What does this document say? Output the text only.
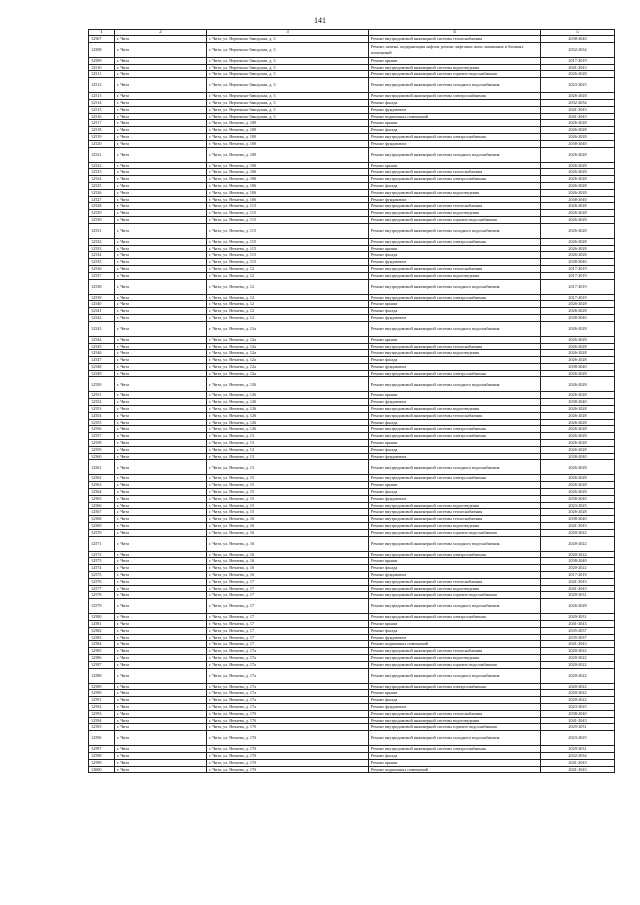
141
1	2	3	4	5
12507	г. Чита	г. Чита, ул. Нерченско-Заводская, д. 3	Ремонт внутридомовой инженерной системы теплоснабжения	2038-2040
12508	г. Чита	г. Чита, ул. Нерченско-Заводская, д. 3	Ремонт, замена, модернизация лифтов, ремонт лифтовых шахт, машинных и блочных помещений	2032-2034
12509	г. Чита	г. Чита, ул. Нерченско-Заводская, д. 3	Ремонт крыши	2017-2019
12510	г. Чита	г. Чита, ул. Нерченско-Заводская, д. 3	Ремонт внутридомовой инженерной системы водоотведения	2041-2043
12511	г. Чита	г. Чита, ул. Нерченско-Заводская, д. 3	Ремонт внутридомовой инженерной системы горячего водоснабжения	2026-2028
12512	г. Чита	г. Чита, ул. Нерченско-Заводская, д. 3	Ремонт внутридомовой инженерной системы холодного водоснабжения	2023-2025
12513	г. Чита	г. Чита, ул. Нерченско-Заводская, д. 3	Ремонт внутридомовой инженерной системы электроснабжения	2026-2028
12514	г. Чита	г. Чита, ул. Нерченско-Заводская, д. 3	Ремонт фасада	2032-2034
12515	г. Чита	г. Чита, ул. Нерченско-Заводская, д. 3	Ремонт фундамента	2041-2043
12516	г. Чита	г. Чита, ул. Нерченско-Заводская, д. 3	Ремонт подвальных помещений	2041-2043
12517	г. Чита	г. Чита, ул. Нечаева, д. 100	Ремонт крыши	2026-2028
12518	г. Чита	г. Чита, ул. Нечаева, д. 100	Ремонт фасада	2026-2028
12519	г. Чита	г. Чита, ул. Нечаева, д. 100	Ремонт внутридомовой инженерной системы электроснабжения	2026-2028
12520	г. Чита	г. Чита, ул. Нечаева, д. 100	Ремонт фундамента	2038-2040
12521	г. Чита	г. Чита, ул. Нечаева, д. 100	Ремонт внутридомовой инженерной системы холодного водоснабжения	2026-2028
12522	г. Чита	г. Чита, ул. Нечаева, д. 106	Ремонт крыши	2026-2028
12523	г. Чита	г. Чита, ул. Нечаева, д. 106	Ремонт внутридомовой инженерной системы теплоснабжения	2026-2028
12524	г. Чита	г. Чита, ул. Нечаева, д. 106	Ремонт внутридомовой инженерной системы электроснабжения	2026-2028
12525	г. Чита	г. Чита, ул. Нечаева, д. 106	Ремонт фасада	2026-2028
12526	г. Чита	г. Чита, ул. Нечаева, д. 106	Ремонт внутридомовой инженерной системы водоотведения	2026-2028
12527	г. Чита	г. Чита, ул. Нечаева, д. 106	Ремонт фундамента	2038-2040
12528	г. Чита	г. Чита, ул. Нечаева, д. 115	Ремонт внутридомовой инженерной системы теплоснабжения	2026-2028
12529	г. Чита	г. Чита, ул. Нечаева, д. 115	Ремонт внутридомовой инженерной системы водоотведения	2026-2028
12530	г. Чита	г. Чита, ул. Нечаева, д. 115	Ремонт внутридомовой инженерной системы горячего водоснабжения	2026-2028
12531	г. Чита	г. Чита, ул. Нечаева, д. 115	Ремонт внутридомовой инженерной системы холодного водоснабжения	2026-2028
12532	г. Чита	г. Чита, ул. Нечаева, д. 115	Ремонт внутридомовой инженерной системы электроснабжения	2026-2028
12533	г. Чита	г. Чита, ул. Нечаева, д. 115	Ремонт крыши	2026-2028
12534	г. Чита	г. Чита, ул. Нечаева, д. 115	Ремонт фасада	2026-2028
12535	г. Чита	г. Чита, ул. Нечаева, д. 115	Ремонт фундамента	2038-2040
12536	г. Чита	г. Чита, ул. Нечаева, д. 12	Ремонт внутридомовой инженерной системы теплоснабжения	2017-2019
12537	г. Чита	г. Чита, ул. Нечаева, д. 12	Ремонт внутридомовой инженерной системы водоотведения	2017-2019
12538	г. Чита	г. Чита, ул. Нечаева, д. 12	Ремонт внутридомовой инженерной системы холодного водоснабжения	2017-2019
12539	г. Чита	г. Чита, ул. Нечаева, д. 12	Ремонт внутридомовой инженерной системы электроснабжения	2017-2019
12540	г. Чита	г. Чита, ул. Нечаева, д. 12	Ремонт крыши	2026-2028
12541	г. Чита	г. Чита, ул. Нечаева, д. 12	Ремонт фасада	2026-2028
12542	г. Чита	г. Чита, ул. Нечаева, д. 12	Ремонт фундамента	2038-2040
12543	г. Чита	г. Чита, ул. Нечаева, д. 12а	Ремонт внутридомовой инженерной системы холодного водоснабжения	2026-2028
12544	г. Чита	г. Чита, ул. Нечаева, д. 12а	Ремонт крыши	2026-2028
12545	г. Чита	г. Чита, ул. Нечаева, д. 12а	Ремонт внутридомовой инженерной системы теплоснабжения	2026-2028
12546	г. Чита	г. Чита, ул. Нечаева, д. 12а	Ремонт внутридомовой инженерной системы водоотведения	2026-2028
12547	г. Чита	г. Чита, ул. Нечаева, д. 12а	Ремонт фасада	2026-2028
12548	г. Чита	г. Чита, ул. Нечаева, д. 12а	Ремонт фундамента	2038-2040
12549	г. Чита	г. Чита, ул. Нечаева, д. 12а	Ремонт внутридомовой инженерной системы электроснабжения	2026-2028
12550	г. Чита	г. Чита, ул. Нечаева, д. 126	Ремонт внутридомовой инженерной системы холодного водоснабжения	2026-2028
12551	г. Чита	г. Чита, ул. Нечаева, д. 126	Ремонт крыши	2026-2028
12552	г. Чита	г. Чита, ул. Нечаева, д. 126	Ремонт фундамента	2038-2040
12553	г. Чита	г. Чита, ул. Нечаева, д. 126	Ремонт внутридомовой инженерной системы водоотведения	2026-2028
12554	г. Чита	г. Чита, ул. Нечаева, д. 126	Ремонт внутридомовой инженерной системы теплоснабжения	2026-2028
12555	г. Чита	г. Чита, ул. Нечаева, д. 126	Ремонт фасада	2026-2028
12556	г. Чита	г. Чита, ул. Нечаева, д. 126	Ремонт внутридомовой инженерной системы электроснабжения	2026-2028
12557	г. Чита	г. Чита, ул. Нечаева, д. 13	Ремонт внутридомовой инженерной системы электроснабжения	2026-2028
12558	г. Чита	г. Чита, ул. Нечаева, д. 13	Ремонт крыши	2026-2028
12559	г. Чита	г. Чита, ул. Нечаева, д. 13	Ремонт фасада	2026-2028
12560	г. Чита	г. Чита, ул. Нечаева, д. 13	Ремонт фундамента	2038-2040
12561	г. Чита	г. Чита, ул. Нечаева, д. 13	Ремонт внутридомовой инженерной системы холодного водоснабжения	2026-2028
12562	г. Чита	г. Чита, ул. Нечаева, д. 15	Ремонт внутридомовой инженерной системы электроснабжения	2026-2028
12563	г. Чита	г. Чита, ул. Нечаева, д. 15	Ремонт крыши	2026-2028
12564	г. Чита	г. Чита, ул. Нечаева, д. 15	Ремонт фасада	2026-2028
12565	г. Чита	г. Чита, ул. Нечаева, д. 15	Ремонт фундамента	2038-2040
12566	г. Чита	г. Чита, ул. Нечаева, д. 15	Ремонт внутридомовой инженерной системы водоотведения	2023-2025
12567	г. Чита	г. Чита, ул. Нечаева, д. 15	Ремонт внутридомовой инженерной системы теплоснабжения	2026-2028
12568	г. Чита	г. Чита, ул. Нечаева, д. 16	Ремонт внутридомовой инженерной системы теплоснабжения	2038-2040
12569	г. Чита	г. Чита, ул. Нечаева, д. 16	Ремонт внутридомовой инженерной системы водоотведения	2041-2043
12570	г. Чита	г. Чита, ул. Нечаева, д. 16	Ремонт внутридомовой инженерной системы горячего водоснабжения	2020-2022
12571	г. Чита	г. Чита, ул. Нечаева, д. 16	Ремонт внутридомовой инженерной системы холодного водоснабжения	2020-2022
12572	г. Чита	г. Чита, ул. Нечаева, д. 16	Ремонт внутридомовой инженерной системы электроснабжения	2020-2022
12573	г. Чита	г. Чита, ул. Нечаева, д. 16	Ремонт крыши	2038-2040
12574	г. Чита	г. Чита, ул. Нечаева, д. 16	Ремонт фасада	2020-2022
12575	г. Чита	г. Чита, ул. Нечаева, д. 16	Ремонт фундамента	2017-2019
12576	г. Чита	г. Чита, ул. Нечаева, д. 17	Ремонт внутридомовой инженерной системы теплоснабжения	2041-2043
12577	г. Чита	г. Чита, ул. Нечаева, д. 17	Ремонт внутридомовой инженерной системы водоотведения	2041-2043
12578	г. Чита	г. Чита, ул. Нечаева, д. 17	Ремонт внутридомовой инженерной системы горячего водоснабжения	2029-2031
12579	г. Чита	г. Чита, ул. Нечаева, д. 17	Ремонт внутридомовой инженерной системы холодного водоснабжения	2026-2028
12580	г. Чита	г. Чита, ул. Нечаева, д. 17	Ремонт внутридомовой инженерной системы электроснабжения	2029-2031
12581	г. Чита	г. Чита, ул. Нечаева, д. 17	Ремонт крыши	2041-2043
12582	г. Чита	г. Чита, ул. Нечаева, д. 17	Ремонт фасада	2035-2037
12583	г. Чита	г. Чита, ул. Нечаева, д. 17	Ремонт фундамента	2035-2037
12584	г. Чита	г. Чита, ул. Нечаева, д. 17	Ремонт подвальных помещений	2041-2043
12585	г. Чита	г. Чита, ул. Нечаева, д. 17а	Ремонт внутридомовой инженерной системы теплоснабжения	2020-2022
12586	г. Чита	г. Чита, ул. Нечаева, д. 17а	Ремонт внутридомовой инженерной системы водоотведения	2020-2022
12587	г. Чита	г. Чита, ул. Нечаева, д. 17а	Ремонт внутридомовой инженерной системы горячего водоснабжения	2020-2022
12588	г. Чита	г. Чита, ул. Нечаева, д. 17а	Ремонт внутридомовой инженерной системы холодного водоснабжения	2020-2022
12589	г. Чита	г. Чита, ул. Нечаева, д. 17а	Ремонт внутридомовой инженерной системы электроснабжения	2020-2022
12590	г. Чита	г. Чита, ул. Нечаева, д. 17а	Ремонт крыши	2020-2022
12591	г. Чита	г. Чита, ул. Нечаева, д. 17а	Ремонт фасада	2020-2022
12592	г. Чита	г. Чита, ул. Нечаева, д. 17а	Ремонт фундамента	2023-2025
12593	г. Чита	г. Чита, ул. Нечаева, д. 17б	Ремонт внутридомовой инженерной системы теплоснабжения	2038-2040
12594	г. Чита	г. Чита, ул. Нечаева, д. 17б	Ремонт внутридомовой инженерной системы водоотведения	2041-2043
12595	г. Чита	г. Чита, ул. Нечаева, д. 17б	Ремонт внутридомовой инженерной системы горячего водоснабжения	2029-2031
12596	г. Чита	г. Чита, ул. Нечаева, д. 17б	Ремонт внутридомовой инженерной системы холодного водоснабжения	2023-2025
12597	г. Чита	г. Чита, ул. Нечаева, д. 17б	Ремонт внутридомовой инженерной системы электроснабжения	2029-2031
12598	г. Чита	г. Чита, ул. Нечаева, д. 17б	Ремонт фасада	2032-2034
12599	г. Чита	г. Чита, ул. Нечаева, д. 17б	Ремонт крыши	2041-2043
12600	г. Чита	г. Чита, ул. Нечаева, д. 17б	Ремонт подвальных помещений	2041-2043
